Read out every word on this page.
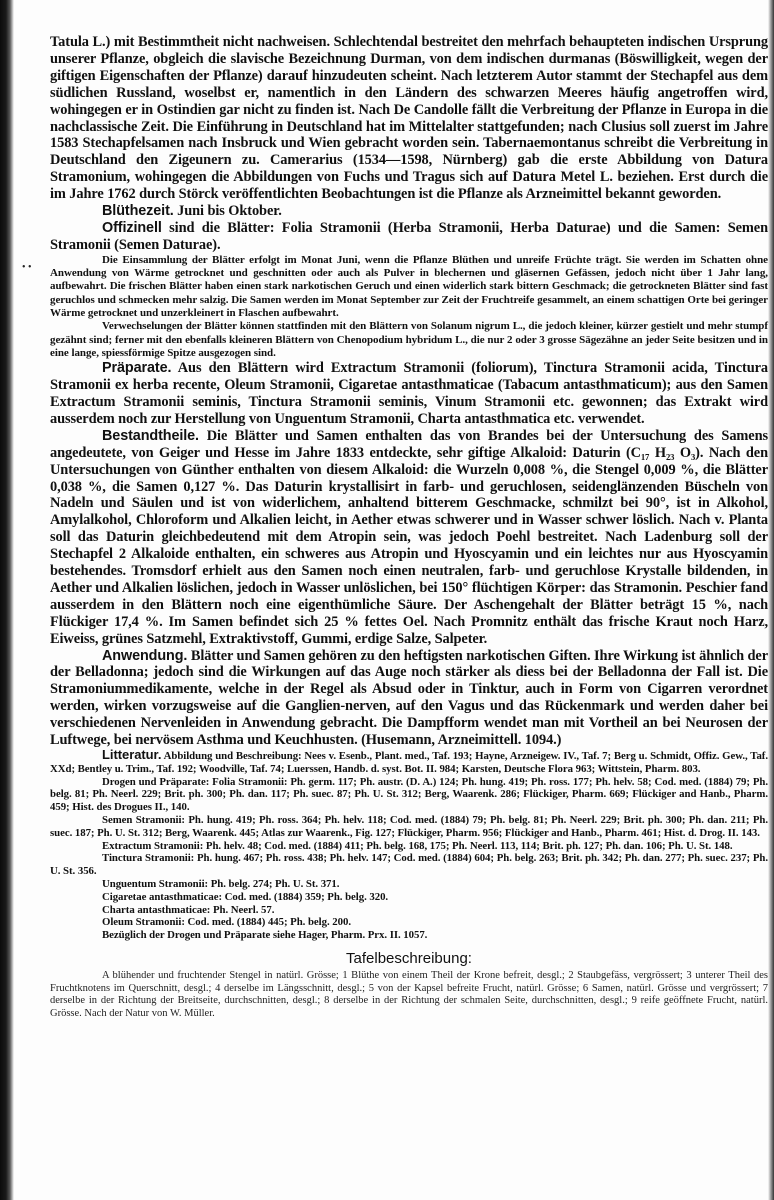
• •

Tatula L.) mit Bestimmtheit nicht nachweisen. Schlechtendal bestreitet den mehrfach behaupteten indischen Ursprung unserer Pflanze, obgleich die slavische Bezeichnung Durman, von dem indischen durmanas (Böswilligkeit, wegen der giftigen Eigenschaften der Pflanze) darauf hinzudeuten scheint. Nach letzterem Autor stammt der Stechapfel aus dem südlichen Russland, woselbst er, namentlich in den Ländern des schwarzen Meeres häufig angetroffen wird, wohingegen er in Ostindien gar nicht zu finden ist. Nach De Candolle fällt die Verbreitung der Pflanze in Europa in die nachclassische Zeit. Die Einführung in Deutschland hat im Mittelalter stattgefunden; nach Clusius soll zuerst im Jahre 1583 Stechapfelsamen nach Insbruck und Wien gebracht worden sein. Tabernaemontanus schreibt die Verbreitung in Deutschland den Zigeunern zu. Camerarius (1534—1598, Nürnberg) gab die erste Abbildung von Datura Stramonium, wohingegen die Abbildungen von Fuchs und Tragus sich auf Datura Metel L. beziehen. Erst durch die im Jahre 1762 durch Störck veröffentlichten Beobachtungen ist die Pflanze als Arzneimittel bekannt geworden.

Blüthezeit. Juni bis Oktober.

Offizinell sind die Blätter: Folia Stramonii (Herba Stramonii, Herba Daturae) und die Samen: Semen Stramonii (Semen Daturae).

Die Einsammlung der Blätter erfolgt im Monat Juni, wenn die Pflanze Blüthen und unreife Früchte trägt. Sie werden im Schatten ohne Anwendung von Wärme getrocknet und geschnitten oder auch als Pulver in blechernen und gläsernen Gefässen, jedoch nicht über 1 Jahr lang, aufbewahrt. Die frischen Blätter haben einen stark narkotischen Geruch und einen widerlich stark bittern Geschmack; die getrockneten Blätter sind fast geruchlos und schmecken mehr salzig. Die Samen werden im Monat September zur Zeit der Fruchtreife gesammelt, an einem schattigen Orte bei geringer Wärme getrocknet und unzerkleinert in Flaschen aufbewahrt.

Verwechselungen der Blätter können stattfinden mit den Blättern von Solanum nigrum L., die jedoch kleiner, kürzer gestielt und mehr stumpf gezähnt sind; ferner mit den ebenfalls kleineren Blättern von Chenopodium hybridum L., die nur 2 oder 3 grosse Sägezähne an jeder Seite besitzen und in eine lange, spiessförmige Spitze ausgezogen sind.

Präparate. Aus den Blättern wird Extractum Stramonii (foliorum), Tinctura Stramonii acida, Tinctura Stramonii ex herba recente, Oleum Stramonii, Cigaretae antasthmaticae (Tabacum antasthmaticum); aus den Samen Extractum Stramonii seminis, Tinctura Stramonii seminis, Vinum Stramonii etc. gewonnen; das Extrakt wird ausserdem noch zur Herstellung von Unguentum Stramonii, Charta antasthmatica etc. verwendet.

Bestandtheile. Die Blätter und Samen enthalten das von Brandes bei der Untersuchung des Samens angedeutete, von Geiger und Hesse im Jahre 1833 entdeckte, sehr giftige Alkaloid: Daturin (C₁₇ H₂₃ O₃). Nach den Untersuchungen von Günther enthalten von diesem Alkaloid: die Wurzeln 0,008 %, die Stengel 0,009 %, die Blätter 0,038 %, die Samen 0,127 %. Das Daturin krystallisirt in farb- und geruchlosen, seidenglänzenden Büscheln von Nadeln und Säulen und ist von widerlichem, anhaltend bitterem Geschmacke, schmilzt bei 90°, ist in Alkohol, Amylalkohol, Chloroform und Alkalien leicht, in Aether etwas schwerer und in Wasser schwer löslich. Nach v. Planta soll das Daturin gleichbedeutend mit dem Atropin sein, was jedoch Poehl bestreitet. Nach Ladenburg soll der Stechapfel 2 Alkaloide enthalten, ein schweres aus Atropin und Hyoscyamin und ein leichtes nur aus Hyoscyamin bestehendes. Tromsdorf erhielt aus den Samen noch einen neutralen, farb- und geruchlose Krystalle bildenden, in Aether und Alkalien löslichen, jedoch in Wasser unlöslichen, bei 150° flüchtigen Körper: das Stramonin. Peschier fand ausserdem in den Blättern noch eine eigenthümliche Säure. Der Aschengehalt der Blätter beträgt 15 %, nach Flückiger 17,4 %. Im Samen befindet sich 25 % fettes Oel. Nach Promnitz enthält das frische Kraut noch Harz, Eiweiss, grünes Satzmehl, Extraktivstoff, Gummi, erdige Salze, Salpeter.

Anwendung. Blätter und Samen gehören zu den heftigsten narkotischen Giften. Ihre Wirkung ist ähnlich der der Belladonna; jedoch sind die Wirkungen auf das Auge noch stärker als diess bei der Belladonna der Fall ist. Die Stramoniummedikamente, welche in der Regel als Absud oder in Tinktur, auch in Form von Cigarren verordnet werden, wirken vorzugsweise auf die Ganglien-nerven, auf den Vagus und das Rückenmark und werden daher bei verschiedenen Nervenleiden in Anwendung gebracht. Die Dampfform wendet man mit Vortheil an bei Neurosen der Luftwege, bei nervösem Asthma und Keuchhusten. (Husemann, Arzneimittell. 1094.)

Litteratur. Abbildung und Beschreibung: Nees v. Esenb., Plant. med., Taf. 193; Hayne, Arzneigew. IV., Taf. 7; Berg u. Schmidt, Offiz. Gew., Taf. XXd; Bentley u. Trim., Taf. 192; Woodville, Taf. 74; Luerssen, Handb. d. syst. Bot. II. 984; Karsten, Deutsche Flora 963; Wittstein, Pharm. 803.

Drogen und Präparate: Folia Stramonii: Ph. germ. 117; Ph. austr. (D. A.) 124; Ph. hung. 419; Ph. ross. 177; Ph. helv. 58; Cod. med. (1884) 79; Ph. belg. 81; Ph. Neerl. 229; Brit. ph. 300; Ph. dan. 117; Ph. suec. 87; Ph. U. St. 312; Berg, Waarenk. 286; Flückiger, Pharm. 669; Flückiger and Hanb., Pharm. 459; Hist. des Drogues II., 140.

Semen Stramonii: Ph. hung. 419; Ph. ross. 364; Ph. helv. 118; Cod. med. (1884) 79; Ph. belg. 81; Ph. Neerl. 229; Brit. ph. 300; Ph. dan. 211; Ph. suec. 187; Ph. U. St. 312; Berg, Waarenk. 445; Atlas zur Waarenk., Fig. 127; Flückiger, Pharm. 956; Flückiger and Hanb., Pharm. 461; Hist. d. Drog. II. 143.

Extractum Stramonii: Ph. helv. 48; Cod. med. (1884) 411; Ph. belg. 168, 175; Ph. Neerl. 113, 114; Brit. ph. 127; Ph. dan. 106; Ph. U. St. 148.

Tinctura Stramonii: Ph. hung. 467; Ph. ross. 438; Ph. helv. 147; Cod. med. (1884) 604; Ph. belg. 263; Brit. ph. 342; Ph. dan. 277; Ph. suec. 237; Ph. U. St. 356.

Unguentum Stramonii: Ph. belg. 274; Ph. U. St. 371.

Cigaretae antasthmaticae: Cod. med. (1884) 359; Ph. belg. 320.

Charta antasthmaticae: Ph. Neerl. 57.

Oleum Stramonii: Cod. med. (1884) 445; Ph. belg. 200.

Bezüglich der Drogen und Präparate siehe Hager, Pharm. Prx. II. 1057.

Tafelbeschreibung:

A blühender und fruchtender Stengel in natürl. Grösse; 1 Blüthe von einem Theil der Krone befreit, desgl.; 2 Staubgefäss, vergrössert; 3 unterer Theil des Fruchtknotens im Querschnitt, desgl.; 4 derselbe im Längsschnitt, desgl.; 5 von der Kapsel befreite Frucht, natürl. Grösse; 6 Samen, natürl. Grösse und vergrössert; 7 derselbe in der Richtung der Breitseite, durchschnitten, desgl.; 8 derselbe in der Richtung der schmalen Seite, durchschnitten, desgl.; 9 reife geöffnete Frucht, natürl. Grösse. Nach der Natur von W. Müller.
